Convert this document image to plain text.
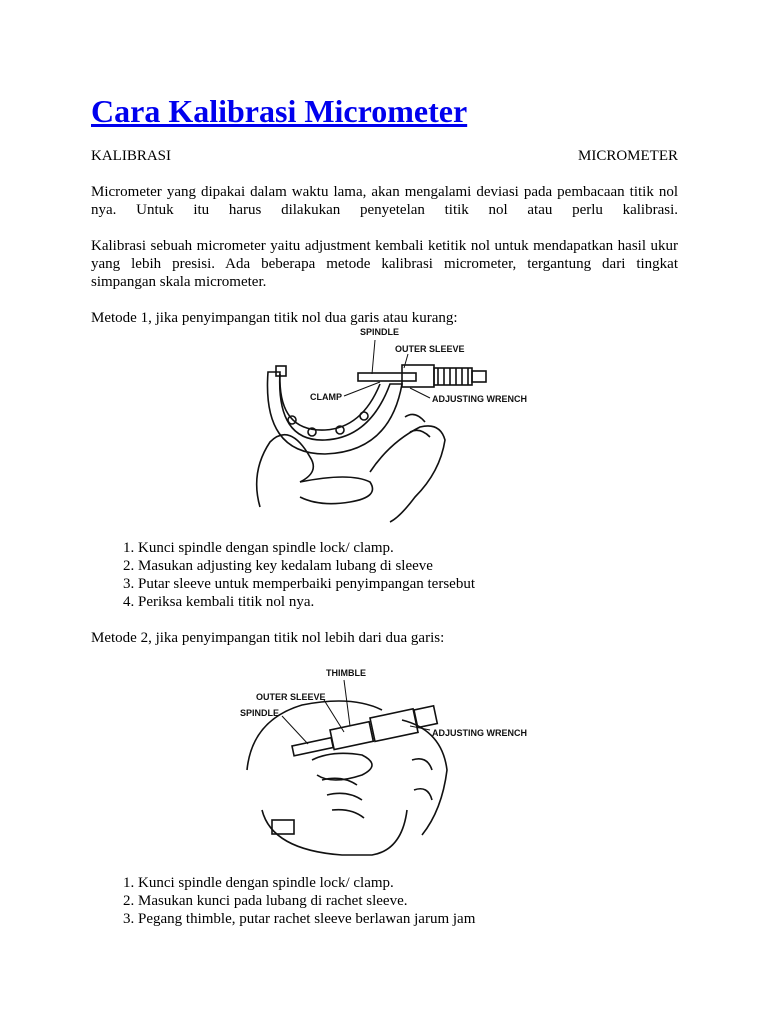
Cara Kalibrasi Micrometer
KALIBRASI	MICROMETER
Micrometer yang dipakai dalam waktu lama, akan mengalami deviasi pada pembacaan titik nol
nya. Untuk itu harus dilakukan penyetelan titik nol atau perlu kalibrasi.
Kalibrasi sebuah micrometer yaitu adjustment kembali ketitik nol untuk mendapatkan hasil ukur
yang lebih presisi. Ada beberapa metode kalibrasi micrometer, tergantung dari tingkat
simpangan skala micrometer.
Metode 1, jika penyimpangan titik nol dua garis atau kurang:
1. Kunci spindle dengan spindle lock/ clamp.
2. Masukan adjusting key kedalam lubang di sleeve
3. Putar sleeve untuk memperbaiki penyimpangan tersebut
4. Periksa kembali titik nol nya.
Metode 2, jika penyimpangan titik nol lebih dari dua garis:
1. Kunci spindle dengan spindle lock/ clamp.
2. Masukan kunci pada lubang di rachet sleeve.
3. Pegang thimble, putar rachet sleeve berlawan jarum jam
SPINDLE
OUTER SLEEVE
CLAMP	ADJUSTING WRENCH
THIMBLE
OUTER SLEEVE
SPINDLE
ADJUSTING WRENCH
